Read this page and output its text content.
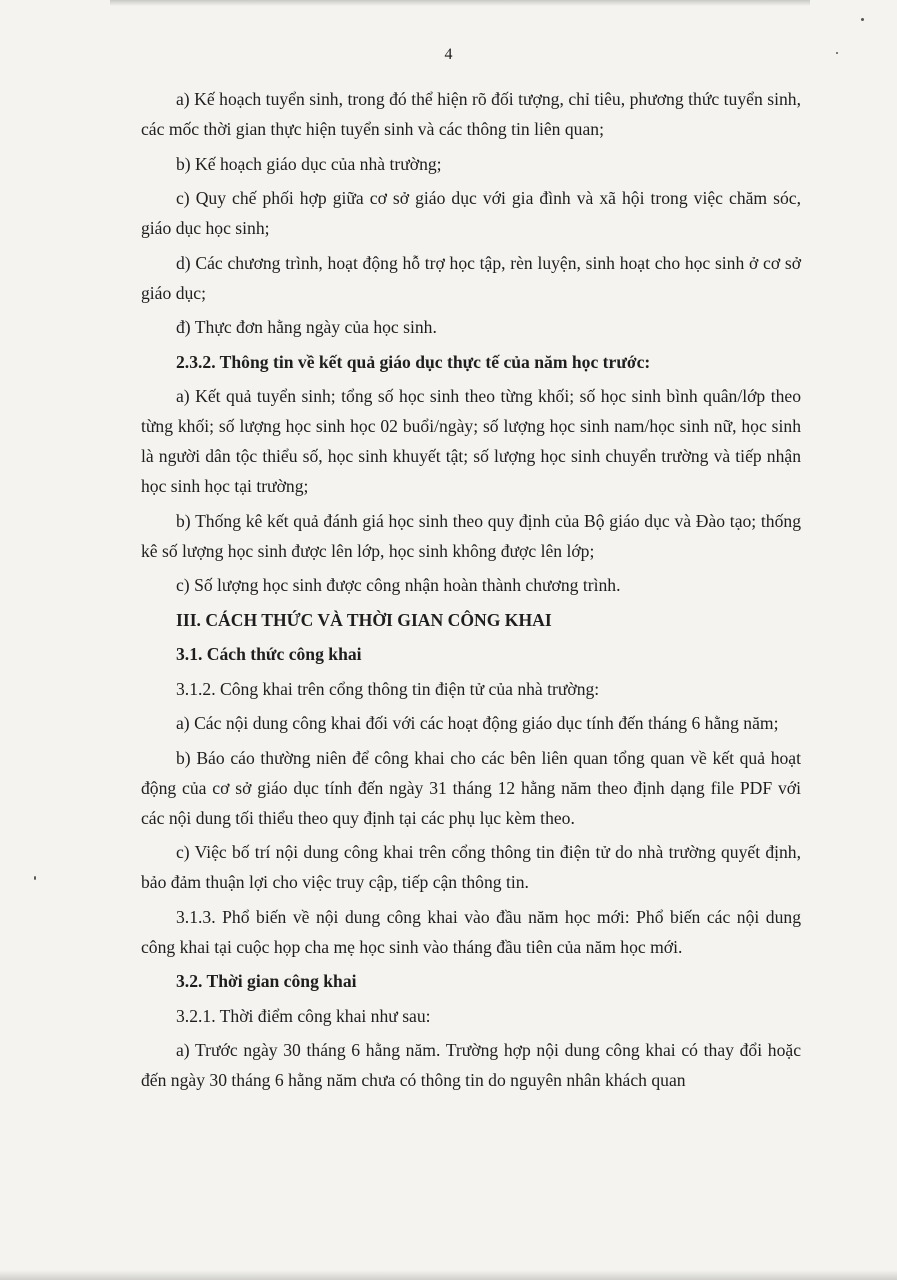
4

a) Kế hoạch tuyển sinh, trong đó thể hiện rõ đối tượng, chỉ tiêu, phương thức tuyển sinh, các mốc thời gian thực hiện tuyển sinh và các thông tin liên quan;

b) Kế hoạch giáo dục của nhà trường;

c) Quy chế phối hợp giữa cơ sở giáo dục với gia đình và xã hội trong việc chăm sóc, giáo dục học sinh;

d) Các chương trình, hoạt động hỗ trợ học tập, rèn luyện, sinh hoạt cho học sinh ở cơ sở giáo dục;

đ) Thực đơn hằng ngày của học sinh.

2.3.2. Thông tin về kết quả giáo dục thực tế của năm học trước:

a) Kết quả tuyển sinh; tổng số học sinh theo từng khối; số học sinh bình quân/lớp theo từng khối; số lượng học sinh học 02 buổi/ngày; số lượng học sinh nam/học sinh nữ, học sinh là người dân tộc thiểu số, học sinh khuyết tật; số lượng học sinh chuyển trường và tiếp nhận học sinh học tại trường;

b) Thống kê kết quả đánh giá học sinh theo quy định của Bộ giáo dục và Đào tạo; thống kê số lượng học sinh được lên lớp, học sinh không được lên lớp;

c) Số lượng học sinh được công nhận hoàn thành chương trình.

III. CÁCH THỨC VÀ THỜI GIAN CÔNG KHAI
3.1. Cách thức công khai

3.1.2. Công khai trên cổng thông tin điện tử của nhà trường:

a) Các nội dung công khai đối với các hoạt động giáo dục tính đến tháng 6 hằng năm;

b) Báo cáo thường niên để công khai cho các bên liên quan tổng quan về kết quả hoạt động của cơ sở giáo dục tính đến ngày 31 tháng 12 hằng năm theo định dạng file PDF với các nội dung tối thiểu theo quy định tại các phụ lục kèm theo.

c) Việc bố trí nội dung công khai trên cổng thông tin điện tử do nhà trường quyết định, bảo đảm thuận lợi cho việc truy cập, tiếp cận thông tin.

3.1.3. Phổ biến về nội dung công khai vào đầu năm học mới: Phổ biến các nội dung công khai tại cuộc họp cha mẹ học sinh vào tháng đầu tiên của năm học mới.

3.2. Thời gian công khai

3.2.1. Thời điểm công khai như sau:

a) Trước ngày 30 tháng 6 hằng năm. Trường hợp nội dung công khai có thay đổi hoặc đến ngày 30 tháng 6 hằng năm chưa có thông tin do nguyên nhân khách quan
